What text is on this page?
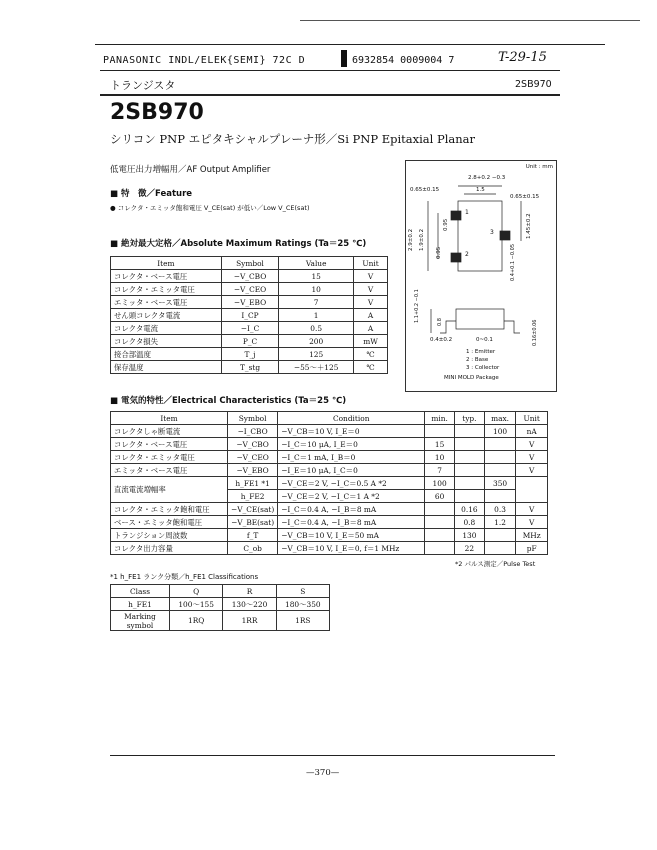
PANASONIC INDL/ELEK{SEMI} 72C D	6932854 0009004 7	T-29-15
トランジスタ	2SB970
2SB970
シリコン PNP エピタキシャルプレーナ形／Si PNP Epitaxial Planar
低電圧出力増幅用／AF Output Amplifier
■ 特　徴／Feature
● コレクタ・エミッタ飽和電圧 V_CE(sat) が低い／Low V_CE(sat)
Unit : mm
2.8+0.2 −0.3
1.5
0.65±0.15
0.65±0.15
2.9±0.2 1.9±0.2
0.95
0.95	1.45±0.2
0.4+0.1 −0.05
1
2
3
1.1+0.2 −0.1	0.8
0.4±0.2	0~0.1	0.16±0.06
1 : Emitter
2 : Base
3 : Collector
MINI MOLD Package
■ 絶対最大定格／Absolute Maximum Ratings (Ta＝25 ℃)
Item	Symbol	Value	Unit
コレクタ・ベース電圧	−V_CBO	15	V
コレクタ・エミッタ電圧	−V_CEO	10	V
エミッタ・ベース電圧	−V_EBO	7	V
せん頭コレクタ電流	I_CP	1	A
コレクタ電流	−I_C	0.5	A
コレクタ損失	P_C	200	mW
接合部温度	T_j	125	℃
保存温度	T_stg	−55～＋125	℃
■ 電気的特性／Electrical Characteristics (Ta＝25 ℃)
Item	Symbol	Condition	min.	typ.	max.	Unit
コレクタしゃ断電流	−I_CBO	−V_CB＝10 V, I_E＝0			100	nA
コレクタ・ベース電圧	−V_CBO	−I_C＝10 μA, I_E＝0	15			V
コレクタ・エミッタ電圧	−V_CEO	−I_C＝1 mA, I_B＝0	10			V
エミッタ・ベース電圧	−V_EBO	−I_E＝10 μA, I_C＝0	7			V
直流電流増幅率	h_FE1 *1	−V_CE＝2 V, −I_C＝0.5 A *2	100		350	
	h_FE2	−V_CE＝2 V, −I_C＝1 A *2	60			
コレクタ・エミッタ飽和電圧	−V_CE(sat)	−I_C＝0.4 A, −I_B＝8 mA		0.16	0.3	V
ベース・エミッタ飽和電圧	−V_BE(sat)	−I_C＝0.4 A, −I_B＝8 mA		0.8	1.2	V
トランジション周波数	f_T	−V_CB＝10 V, I_E＝50 mA		130		MHz
コレクタ出力容量	C_ob	−V_CB＝10 V, I_E＝0, f＝1 MHz		22		pF
*2 パルス測定／Pulse Test
*1 h_FE1 ランク分類／h_FE1 Classifications
Class	Q	R	S
h_FE1	100～155	130～220	180～350
Marking symbol	1RQ	1RR	1RS
—370—
